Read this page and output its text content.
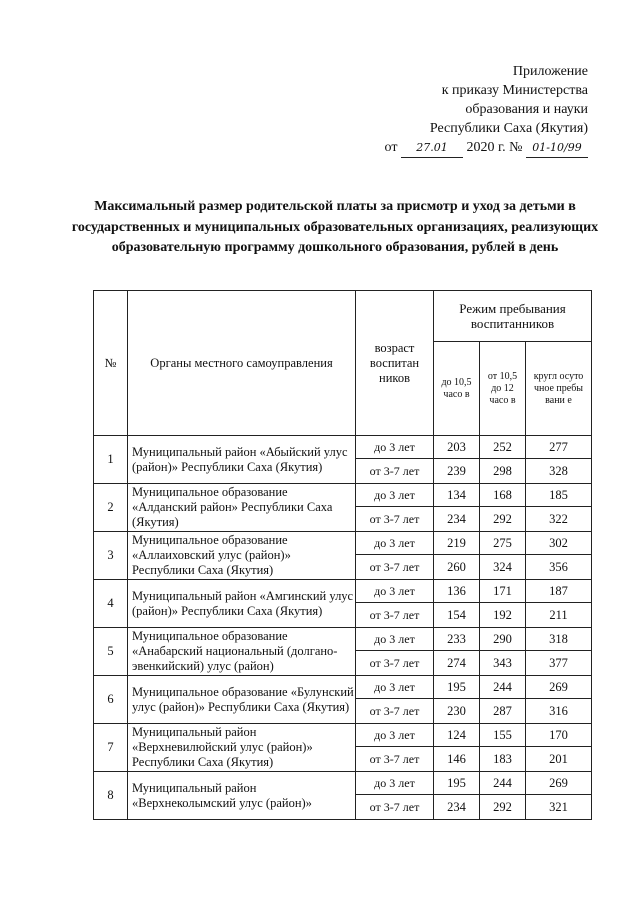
Приложение
к приказу Министерства
образования и науки
Республики Саха (Якутия)
от 27.01 2020 г. № 01-10/99
Максимальный размер родительской платы за присмотр и уход за детьми в государственных и муниципальных образовательных организациях, реализующих образовательную программу дошкольного образования, рублей в день
№	Органы местного самоуправления	возраст воспитан ников	Режим пребывания воспитанников		
			до 10,5 часо в	от 10,5 до 12 часо в	кругл осуто чное пребы вани е
1	Муниципальный район «Абыйский улус (район)» Республики Саха (Якутия)	до 3 лет	203	252	277
		от 3-7 лет	239	298	328
2	Муниципальное образование «Алданский район» Республики Саха (Якутия)	до 3 лет	134	168	185
		от 3-7 лет	234	292	322
3	Муниципальное образование «Аллаиховский улус (район)» Республики Саха (Якутия)	до 3 лет	219	275	302
		от 3-7 лет	260	324	356
4	Муниципальный район «Амгинский улус (район)» Республики Саха (Якутия)	до 3 лет	136	171	187
		от 3-7 лет	154	192	211
5	Муниципальное образование «Анабарский национальный (долгано-эвенкийский) улус (район)	до 3 лет	233	290	318
		от 3-7 лет	274	343	377
6	Муниципальное образование «Булунский улус (район)» Республики Саха (Якутия)	до 3 лет	195	244	269
		от 3-7 лет	230	287	316
7	Муниципальный район «Верхневилюйский улус (район)» Республики Саха (Якутия)	до 3 лет	124	155	170
		от 3-7 лет	146	183	201
8	Муниципальный район «Верхнеколымский улус (район)»	до 3 лет	195	244	269
		от 3-7 лет	234	292	321
